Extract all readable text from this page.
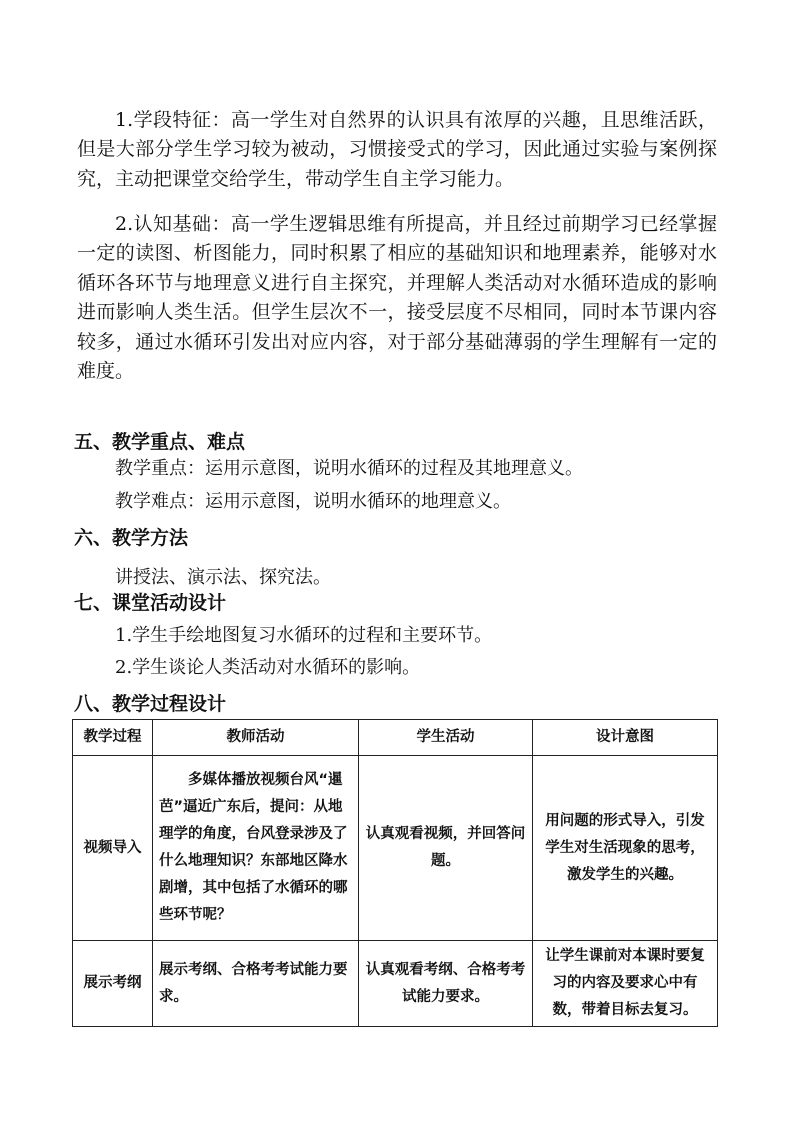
1.学段特征：高一学生对自然界的认识具有浓厚的兴趣，且思维活跃，但是大部分学生学习较为被动，习惯接受式的学习，因此通过实验与案例探究，主动把课堂交给学生，带动学生自主学习能力。

2.认知基础：高一学生逻辑思维有所提高，并且经过前期学习已经掌握一定的读图、析图能力，同时积累了相应的基础知识和地理素养，能够对水循环各环节与地理意义进行自主探究，并理解人类活动对水循环造成的影响进而影响人类生活。但学生层次不一，接受层度不尽相同，同时本节课内容较多，通过水循环引发出对应内容，对于部分基础薄弱的学生理解有一定的难度。

五、教学重点、难点

教学重点：运用示意图，说明水循环的过程及其地理意义。

教学难点：运用示意图，说明水循环的地理意义。

六、教学方法

讲授法、演示法、探究法。

七、课堂活动设计

1.学生手绘地图复习水循环的过程和主要环节。

2.学生谈论人类活动对水循环的影响。

八、教学过程设计
教学过程	教师活动	学生活动	设计意图
视频导入	多媒体播放视频台风“暹芭”逼近广东后，提问：从地理学的角度，台风登录涉及了什么地理知识？东部地区降水剧增，其中包括了水循环的哪些环节呢？	认真观看视频，并回答问题。	用问题的形式导入，引发学生对生活现象的思考，激发学生的兴趣。
展示考纲	展示考纲、合格考考试能力要求。	认真观看考纲、合格考考试能力要求。	让学生课前对本课时要复习的内容及要求心中有数，带着目标去复习。
